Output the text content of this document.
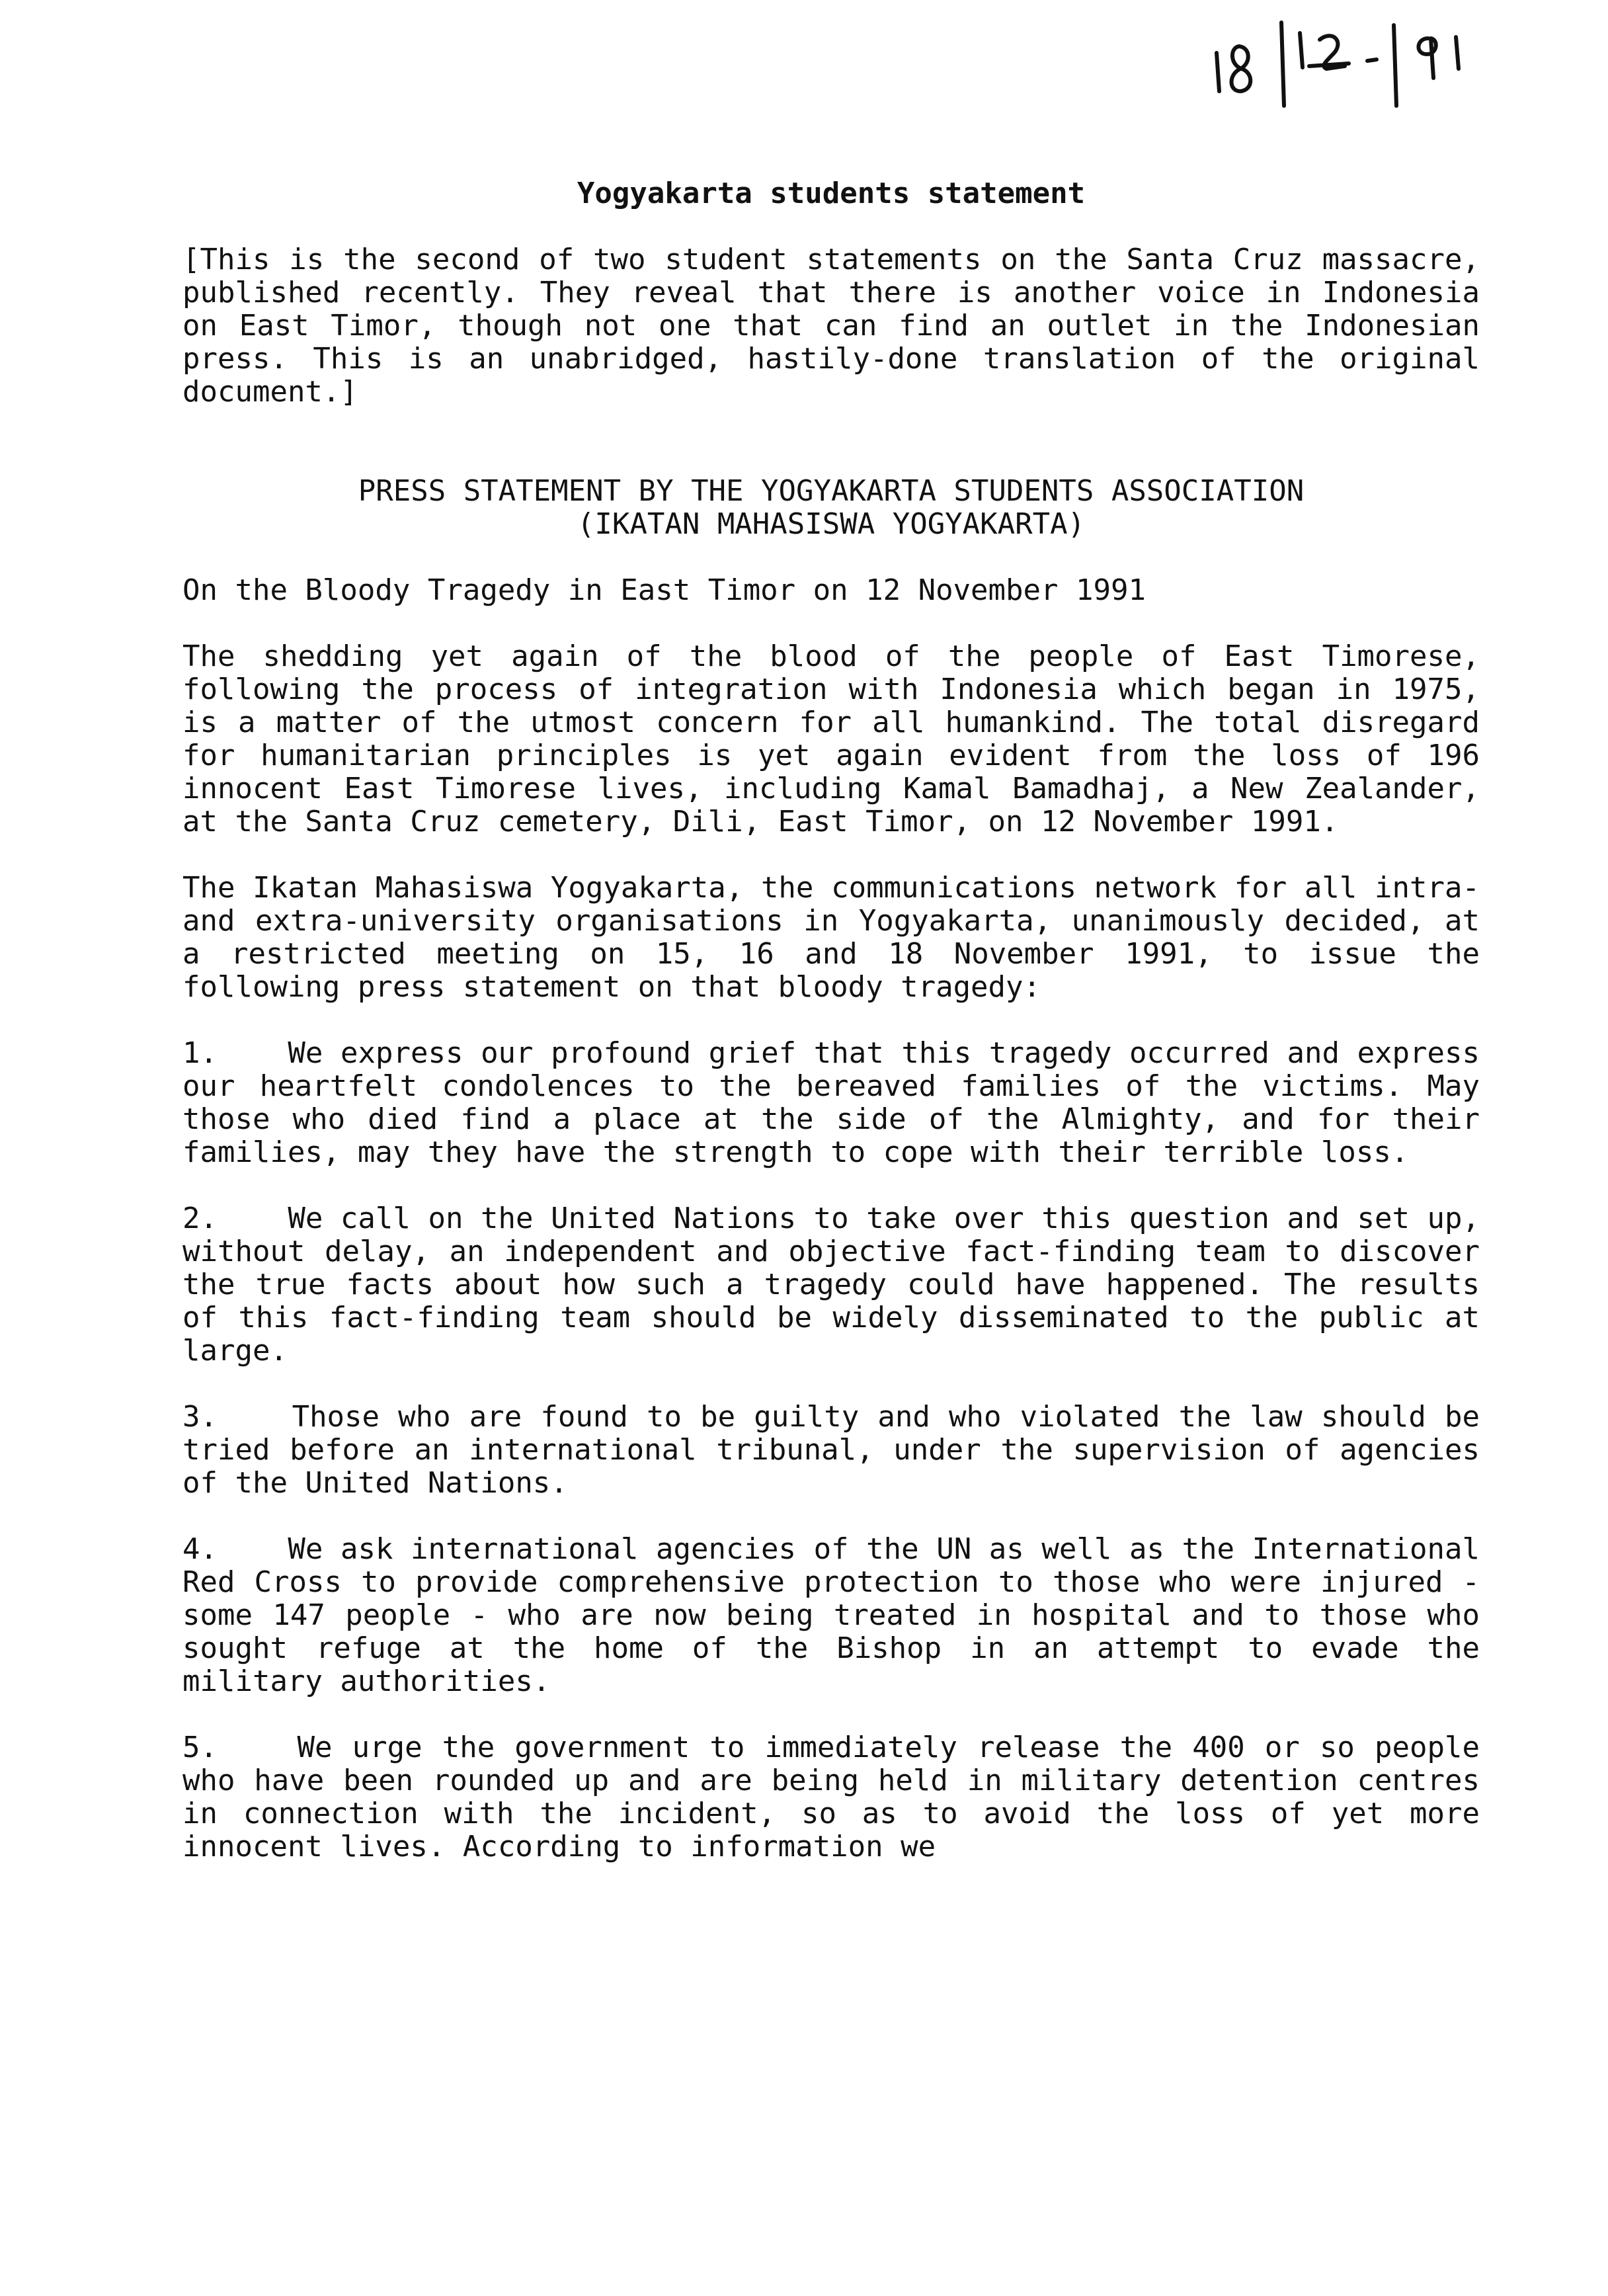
Yogyakarta students statement

[This is the second of two student statements on the Santa Cruz massacre, published recently. They reveal that there is another voice in Indonesia on East Timor, though not one that can find an outlet in the Indonesian press. This is an unabridged, hastily-done translation of the original document.]

PRESS STATEMENT BY THE YOGYAKARTA STUDENTS ASSOCIATION
(IKATAN MAHASISWA YOGYAKARTA)

On the Bloody Tragedy in East Timor on 12 November 1991

The shedding yet again of the blood of the people of East Timorese, following the process of integration with Indonesia which began in 1975, is a matter of the utmost concern for all humankind. The total disregard for humanitarian principles is yet again evident from the loss of 196 innocent East Timorese lives, including Kamal Bamadhaj, a New Zealander, at the Santa Cruz cemetery, Dili, East Timor, on 12 November 1991.

The Ikatan Mahasiswa Yogyakarta, the communications network for all intra- and extra-university organisations in Yogyakarta, unanimously decided, at a restricted meeting on 15, 16 and 18 November 1991, to issue the following press statement on that bloody tragedy:

1.    We express our profound grief that this tragedy occurred and express our heartfelt condolences to the bereaved families of the victims. May those who died find a place at the side of the Almighty, and for their families, may they have the strength to cope with their terrible loss.

2.    We call on the United Nations to take over this question and set up, without delay, an independent and objective fact-finding team to discover the true facts about how such a tragedy could have happened. The results of this fact-finding team should be widely disseminated to the public at large.

3.    Those who are found to be guilty and who violated the law should be tried before an international tribunal, under the supervision of agencies of the United Nations.

4.    We ask international agencies of the UN as well as the International Red Cross to provide comprehensive protection to those who were injured - some 147 people - who are now being treated in hospital and to those who sought refuge at the home of the Bishop in an attempt to evade the military authorities.

5.    We urge the government to immediately release the 400 or so people who have been rounded up and are being held in military detention centres in connection with the incident, so as to avoid the loss of yet more innocent lives. According to information we
